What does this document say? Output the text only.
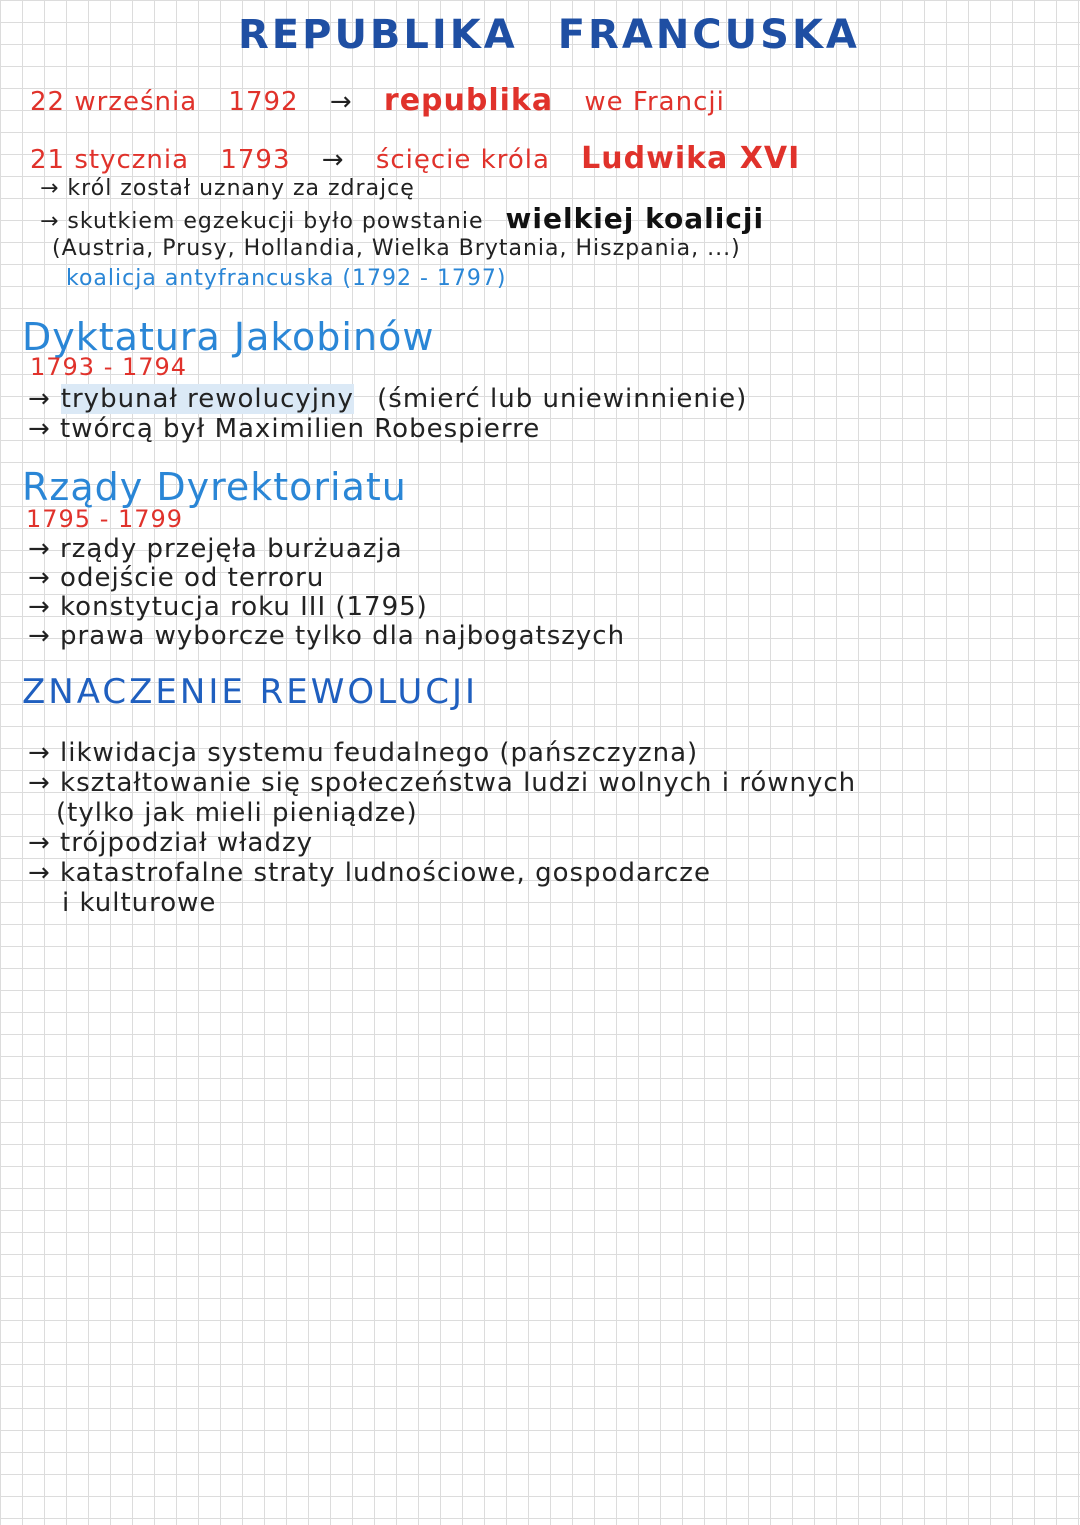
REPUBLIKA FRANCUSKA
22 września 1792 → republika we Francji
21 stycznia 1793 → ścięcie króla Ludwika XVI
→ król został uznany za zdrajcę
→ skutkiem egzekucji było powstanie wielkiej koalicji
(Austria, Prusy, Hollandia, Wielka Brytania, Hiszpania, ...)
koalicja antyfrancuska (1792 - 1797)
Dyktatura Jakobinów
1793 - 1794
→ trybunał rewolucyjny (śmierć lub uniewinnienie)
→ twórcą był Maximilien Robespierre
Rządy Dyrektoriatu
1795 - 1799
→ rządy przejęła burżuazja
→ odejście od terroru
→ konstytucja roku III (1795)
→ prawa wyborcze tylko dla najbogatszych
ZNACZENIE REWOLUCJI
→ likwidacja systemu feudalnego (pańszczyzna)
→ kształtowanie się społeczeństwa ludzi wolnych i równych
(tylko jak mieli pieniądze)
→ trójpodział władzy
→ katastrofalne straty ludnościowe, gospodarcze
i kulturowe
